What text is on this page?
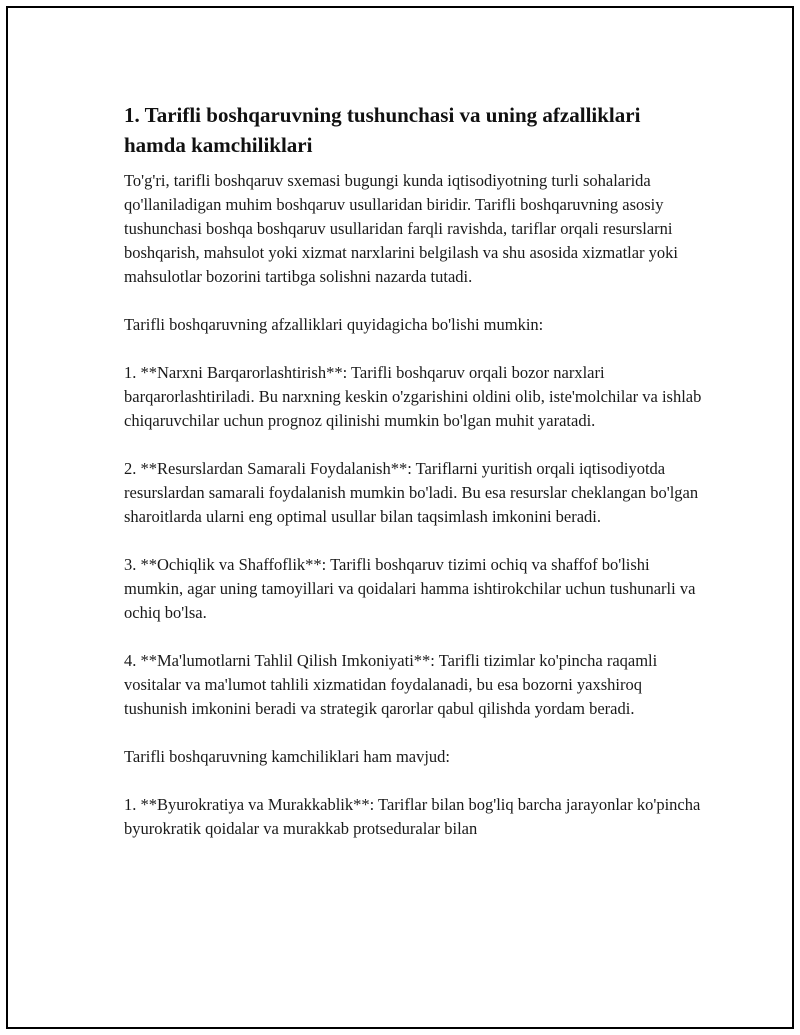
1. Tarifli boshqaruvning tushunchasi va uning afzalliklari hamda kamchiliklari

To'g'ri, tarifli boshqaruv sxemasi bugungi kunda iqtisodiyotning turli sohalarida qo'llaniladigan muhim boshqaruv usullaridan biridir. Tarifli boshqaruvning asosiy tushunchasi boshqa boshqaruv usullaridan farqli ravishda, tariflar orqali resurslarni boshqarish, mahsulot yoki xizmat narxlarini belgilash va shu asosida xizmatlar yoki mahsulotlar bozorini tartibga solishni nazarda tutadi.

Tarifli boshqaruvning afzalliklari quyidagicha bo'lishi mumkin:

1. **Narxni Barqarorlashtirish**: Tarifli boshqaruv orqali bozor narxlari barqarorlashtiriladi. Bu narxning keskin o'zgarishini oldini olib, iste'molchilar va ishlab chiqaruvchilar uchun prognoz qilinishi mumkin bo'lgan muhit yaratadi.

2. **Resurslardan Samarali Foydalanish**: Tariflarni yuritish orqali iqtisodiyotda resurslardan samarali foydalanish mumkin bo'ladi. Bu esa resurslar cheklangan bo'lgan sharoitlarda ularni eng optimal usullar bilan taqsimlash imkonini beradi.

3. **Ochiqlik va Shaffoflik**: Tarifli boshqaruv tizimi ochiq va shaffof bo'lishi mumkin, agar uning tamoyillari va qoidalari hamma ishtirokchilar uchun tushunarli va ochiq bo'lsa.

4. **Ma'lumotlarni Tahlil Qilish Imkoniyati**: Tarifli tizimlar ko'pincha raqamli vositalar va ma'lumot tahlili xizmatidan foydalanadi, bu esa bozorni yaxshiroq tushunish imkonini beradi va strategik qarorlar qabul qilishda yordam beradi.

Tarifli boshqaruvning kamchiliklari ham mavjud:

1. **Byurokratiya va Murakkablik**: Tariflar bilan bog'liq barcha jarayonlar ko'pincha byurokratik qoidalar va murakkab protseduralar bilan
